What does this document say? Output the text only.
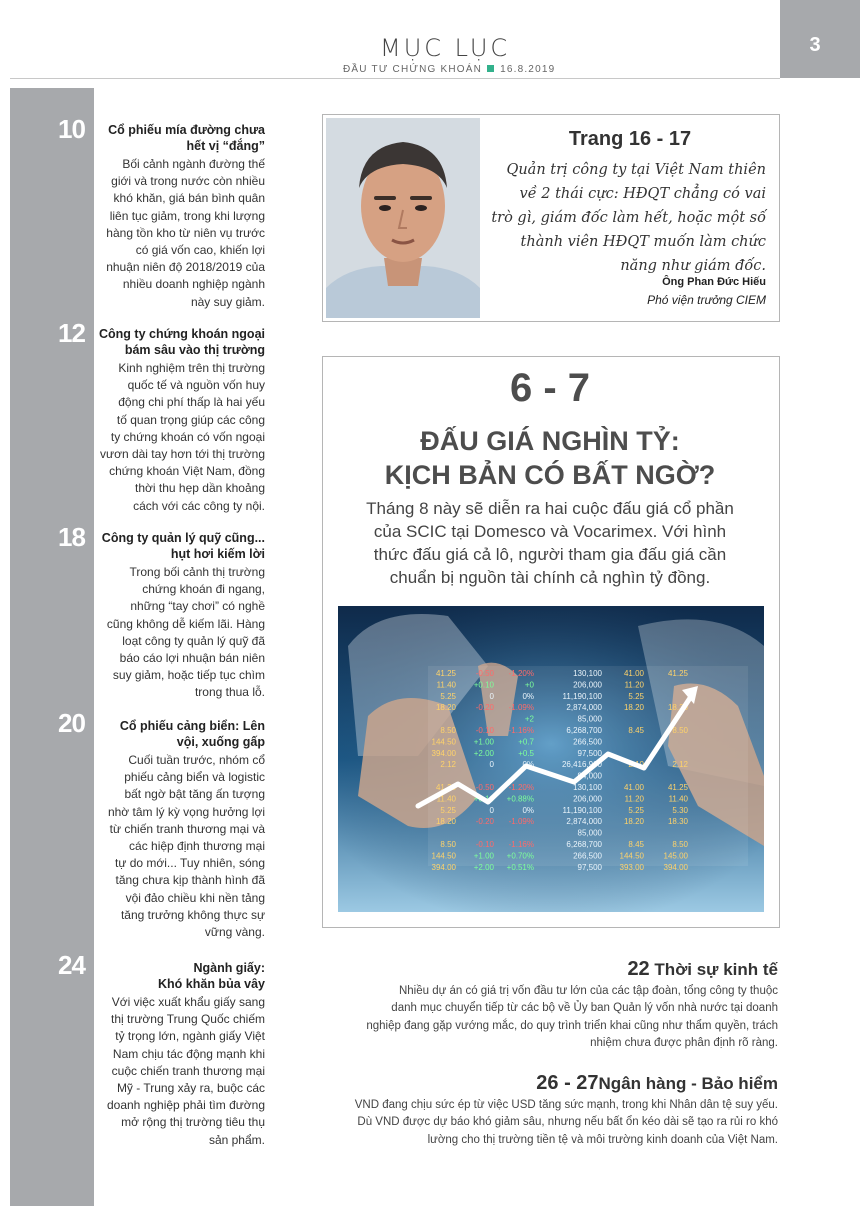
3
MỤC LỤC
ĐẦU TƯ CHỨNG KHOÁN 16.8.2019
10	Cổ phiếu mía đường chưa
hết vị “đắng”
Bối cảnh ngành đường thế
giới và trong nước còn nhiều
khó khăn, giá bán bình quân
liên tục giảm, trong khi lượng
hàng tồn kho từ niên vụ trước
có giá vốn cao, khiến lợi
nhuận niên độ 2018/2019 của
nhiều doanh nghiệp ngành
này suy giảm.
12	Công ty chứng khoán ngoại
bám sâu vào thị trường
Kinh nghiệm trên thị trường
quốc tế và nguồn vốn huy
động chi phí thấp là hai yếu
tố quan trọng giúp các công
ty chứng khoán có vốn ngoại
vươn dài tay hơn tới thị trường
chứng khoán Việt Nam, đồng
thời thu hẹp dần khoảng
cách với các công ty nội.
18	Công ty quản lý quỹ cũng...
hụt hơi kiếm lời
Trong bối cảnh thị trường
chứng khoán đi ngang,
những “tay chơi” có nghề
cũng không dễ kiếm lãi. Hàng
loạt công ty quản lý quỹ đã
báo cáo lợi nhuận bán niên
suy giảm, hoặc tiếp tục chìm
trong thua lỗ.
20	Cổ phiếu cảng biển: Lên
vội, xuống gấp
Cuối tuần trước, nhóm cổ
phiếu cảng biển và logistic
bất ngờ bật tăng ấn tượng
nhờ tâm lý kỳ vọng hưởng lợi
từ chiến tranh thương mại và
các hiệp định thương mại
tự do mới... Tuy nhiên, sóng
tăng chưa kịp thành hình đã
vội đảo chiều khi nền tảng
tăng trưởng không thực sự
vững vàng.
24	Ngành giấy:
Khó khăn bủa vây
Với việc xuất khẩu giấy sang
thị trường Trung Quốc chiếm
tỷ trọng lớn, ngành giấy Việt
Nam chịu tác động mạnh khi
cuộc chiến tranh thương mại
Mỹ - Trung xảy ra, buộc các
doanh nghiệp phải tìm đường
mở rộng thị trường tiêu thụ
sản phẩm.
Trang 16 - 17
Quản trị công ty tại Việt Nam thiên
về 2 thái cực: HĐQT chẳng có vai
trò gì, giám đốc làm hết, hoặc một số
thành viên HĐQT muốn làm chức
năng như giám đốc.
Ông Phan Đức Hiếu
Phó viện trưởng CIEM
6 - 7
ĐẤU GIÁ NGHÌN TỶ:
KỊCH BẢN CÓ BẤT NGỜ?
Tháng 8 này sẽ diễn ra hai cuộc đấu giá cổ phần
của SCIC tại Domesco và Vocarimex. Với hình
thức đấu giá cả lô, người tham gia đấu giá cần
chuẩn bị nguồn tài chính cả nghìn tỷ đồng.
41.25 -0.50 -1.20%	130,100	41.00	41.25
11.40 +0.10	+0	206,000	11.20
5.25	0	0%	11,190,100	5.25
18.20 -0.20 -1.09%	2,874,000	18.20	18.30
+2	85,000
8.50 -0.10 -1.16%	6,268,700	8.45	8.50
144.50 +1.00	+0.7	266,500
394.00 +2.00	+0.5	97,500
2.12	0	0%	26,416,900	2.10	2.12
94,000
41.25 -0.50 -1.20%	130,100	41.00	41.25
11.40 +0.10 +0.88%	206,000	11.20	11.40
5.25	0	0%	11,190,100	5.25	5.30
18.20 -0.20 -1.09%	2,874,000	18.20	18.30
85,000
8.50 -0.10 -1.16%	6,268,700	8.45	8.50
144.50 +1.00 +0.70%	266,500 144.50 145.00
394.00 +2.00 +0.51%	97,500 393.00 394.00
22 Thời sự kinh tế
Nhiều dự án có giá trị vốn đầu tư lớn của các tập đoàn, tổng công ty thuộc
danh mục chuyển tiếp từ các bộ về Ủy ban Quản lý vốn nhà nước tại doanh
nghiệp đang gặp vướng mắc, do quy trình triển khai cũng như thẩm quyền, trách
nhiệm chưa được phân định rõ ràng.
26 - 27Ngân hàng - Bảo hiểm
VND đang chịu sức ép từ việc USD tăng sức mạnh, trong khi Nhân dân tệ suy yếu.
Dù VND được dự báo khó giảm sâu, nhưng nếu bất ổn kéo dài sẽ tạo ra rủi ro khó
lường cho thị trường tiền tệ và môi trường kinh doanh của Việt Nam.
